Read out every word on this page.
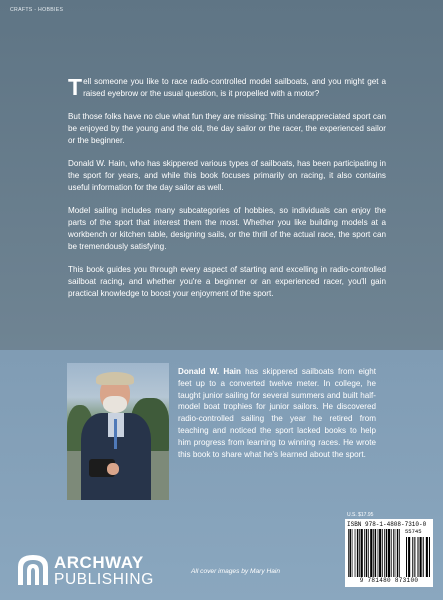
CRAFTS - HOBBIES

Tell someone you like to race radio-controlled model sailboats, and you might get a raised eyebrow or the usual question, is it propelled with a motor?

But those folks have no clue what fun they are missing: This underappreciated sport can be enjoyed by the young and the old, the day sailor or the racer, the experienced sailor or the beginner.

Donald W. Hain, who has skippered various types of sailboats, has been participating in the sport for years, and while this book focuses primarily on racing, it also contains useful information for the day sailor as well.

Model sailing includes many subcategories of hobbies, so individuals can enjoy the parts of the sport that interest them the most. Whether you like building models at a workbench or kitchen table, designing sails, or the thrill of the actual race, the sport can be tremendously satisfying.

This book guides you through every aspect of starting and excelling in radio-controlled sailboat racing, and whether you're a beginner or an experienced racer, you'll gain practical knowledge to boost your enjoyment of the sport.

Donald W. Hain has skippered sailboats from eight feet up to a converted twelve meter. In college, he taught junior sailing for several summers and built half-model boat trophies for junior sailors. He discovered radio-controlled sailing the year he retired from teaching and noticed the sport lacked books to help him progress from learning to winning races. He wrote this book to share what he's learned about the sport.
ARCHWAY
PUBLISHING	All cover images by Mary Hain
U.S. $17.95
ISBN 978-1-4808-7310-0
55745
9 781480 873100
